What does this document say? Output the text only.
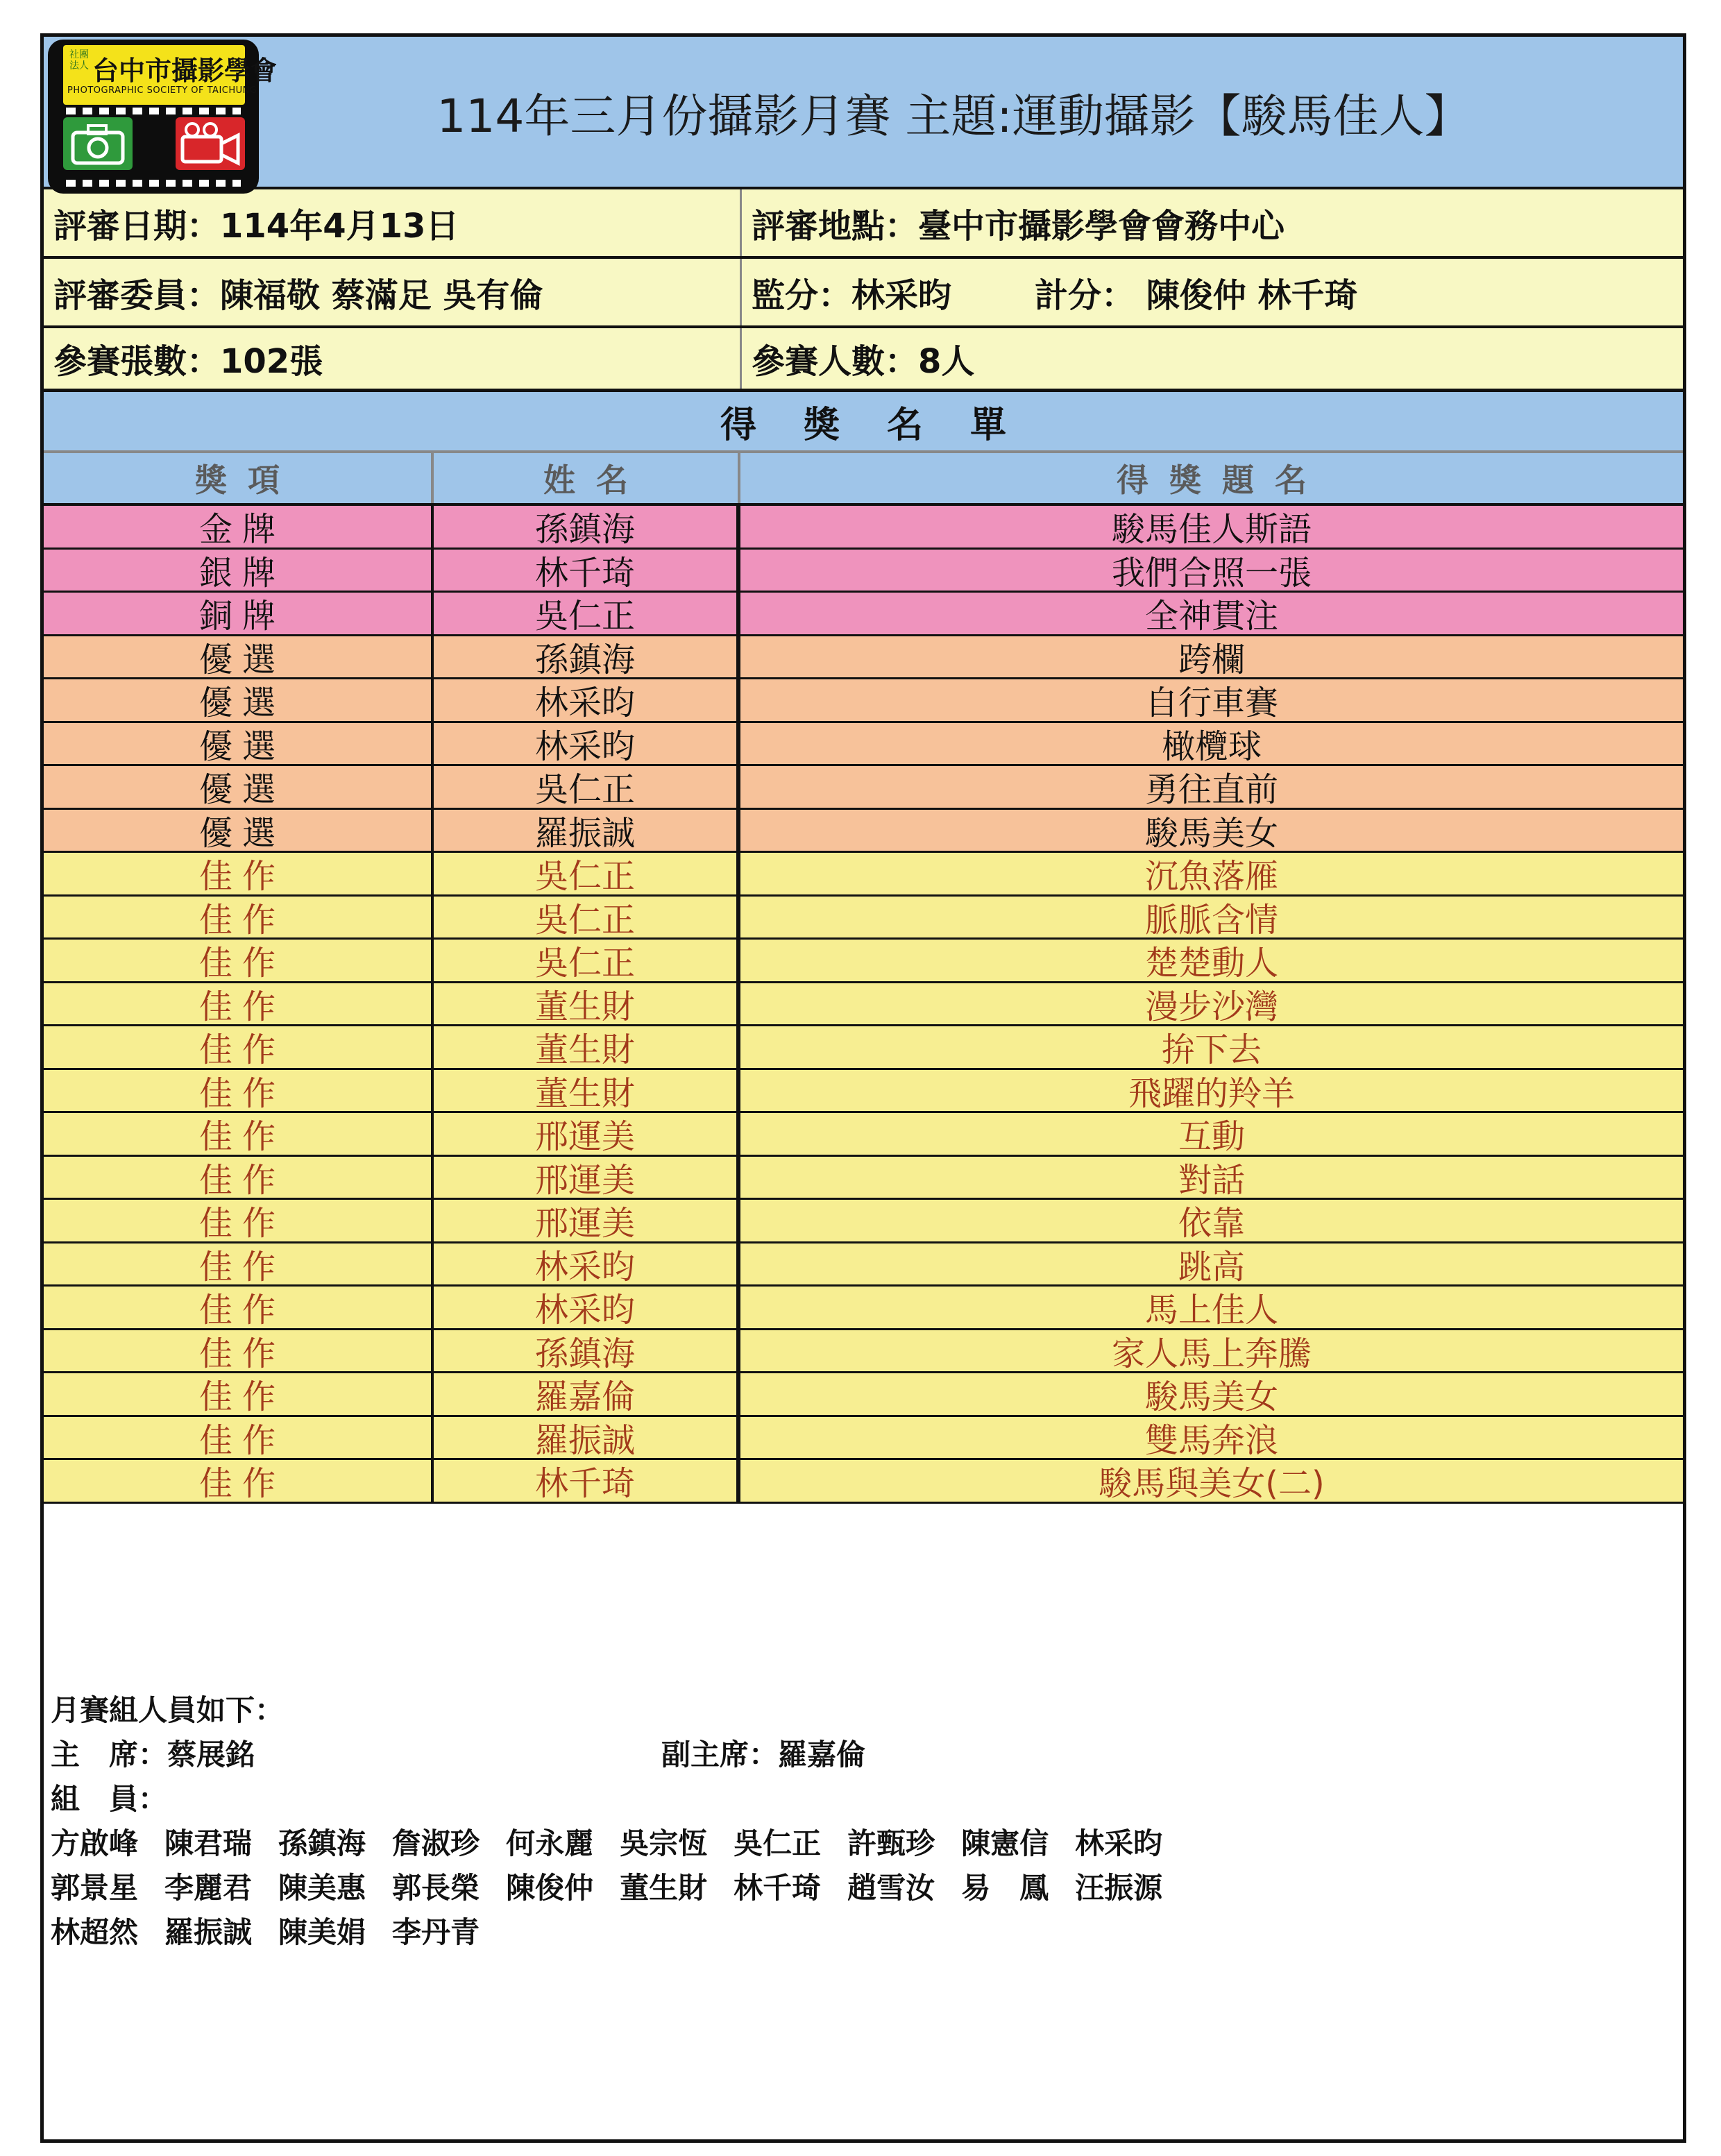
114年三月份攝影月賽 主題:運動攝影【駿馬佳人】
社團法人 台中市攝影學會
PHOTOGRAPHIC SOCIETY OF TAICHUNG
評審日期：114年4月13日	評審地點：臺中市攝影學會會務中心
評審委員：陳福敬 蔡滿足 吳有倫	監分：林采昀	計分： 陳俊仲 林千琦
參賽張數：102張	參賽人數：8人
得獎名單
獎項	姓名	得獎題名
金牌	孫鎮海	駿馬佳人斯語
銀牌	林千琦	我們合照一張
銅牌	吳仁正	全神貫注
優選	孫鎮海	跨欄
優選	林采昀	自行車賽
優選	林采昀	橄欖球
優選	吳仁正	勇往直前
優選	羅振誠	駿馬美女
佳作	吳仁正	沉魚落雁
佳作	吳仁正	脈脈含情
佳作	吳仁正	楚楚動人
佳作	董生財	漫步沙灣
佳作	董生財	拚下去
佳作	董生財	飛躍的羚羊
佳作	邢運美	互動
佳作	邢運美	對話
佳作	邢運美	依靠
佳作	林采昀	跳高
佳作	林采昀	馬上佳人
佳作	孫鎮海	家人馬上奔騰
佳作	羅嘉倫	駿馬美女
佳作	羅振誠	雙馬奔浪
佳作	林千琦	駿馬與美女(二)
月賽組人員如下：
主　席：蔡展銘	副主席：羅嘉倫
組　員：
方啟峰 陳君瑞 孫鎮海 詹淑珍 何永麗 吳宗恆 吳仁正 許甄珍 陳憲信 林采昀
郭景星 李麗君 陳美惠 郭長榮 陳俊仲 董生財 林千琦 趙雪汝 易　鳳 汪振源
林超然 羅振誠 陳美娟 李丹青
